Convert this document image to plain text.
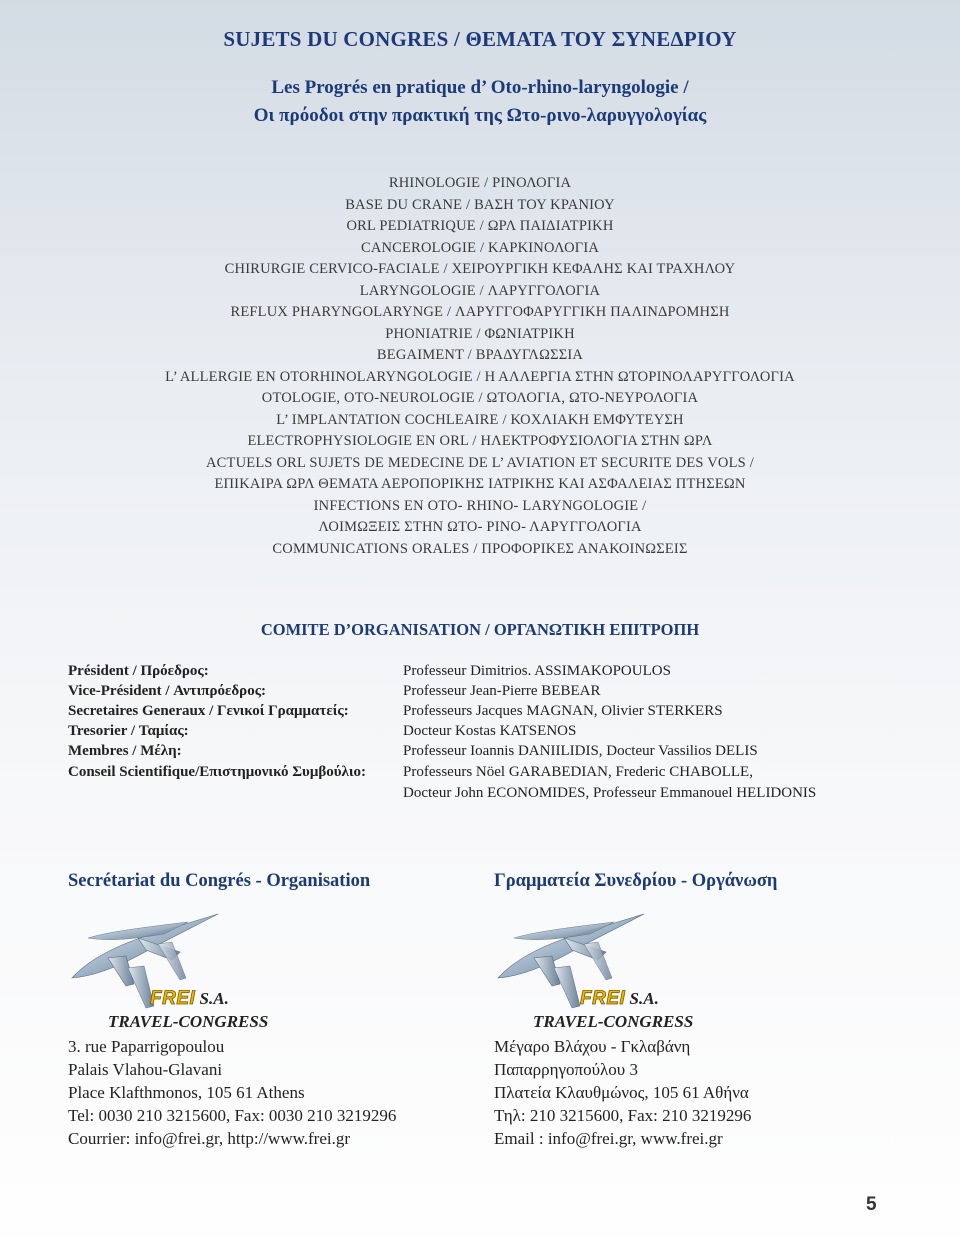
SUJETS DU CONGRES / ΘΕΜΑΤΑ ΤΟΥ ΣΥΝΕΔΡΙΟΥ
Les Progrés en pratique d’ Oto-rhino-laryngologie /
Οι πρόοδοι στην πρακτική της Ωτο-ρινο-λαρυγγολογίας
RHINOLOGIE / ΡΙΝΟΛΟΓΙΑ
BASE DU CRANE / ΒΑΣΗ ΤΟΥ ΚΡΑΝΙΟΥ
ORL PEDIATRIQUE / ΩΡΛ ΠΑΙΔΙΑΤΡΙΚΗ
CANCEROLOGIE / ΚΑΡΚΙΝΟΛΟΓΙΑ
CHIRURGIE CERVICO-FACIALE / ΧΕΙΡΟΥΡΓΙΚΗ ΚΕΦΑΛΗΣ ΚΑΙ ΤΡΑΧΗΛΟΥ
LARYNGOLOGIE / ΛΑΡΥΓΓΟΛΟΓΙΑ
REFLUX PHARYNGOLARYNGE / ΛΑΡΥΓΓΟΦΑΡΥΓΓΙΚΗ ΠΑΛΙΝΔΡΟΜΗΣΗ
PHONIATRIE / ΦΩΝΙΑΤΡΙΚΗ
BEGAIMENT / ΒΡΑΔΥΓΛΩΣΣΙΑ
L’ ALLERGIE EN OTORHINOLARYNGOLOGIE / Η ΑΛΛΕΡΓΙΑ ΣΤΗΝ ΩΤΟΡΙΝΟΛΑΡΥΓΓΟΛΟΓΙΑ
OTOLOGIE, OTO-NEUROLOGIE / ΩΤΟΛΟΓΙΑ, ΩΤΟ-ΝΕΥΡΟΛΟΓΙΑ
L’ IMPLANTATION COCHLEAIRE / ΚΟΧΛΙΑΚΗ ΕΜΦΥΤΕΥΣΗ
ELECTROPHYSIOLOGIE EN ORL / ΗΛΕΚΤΡΟΦΥΣΙΟΛΟΓΙΑ ΣΤΗΝ ΩΡΛ
ACTUELS ORL SUJETS DE MEDECINE DE L’ AVIATION ET SECURITE DES VOLS /
ΕΠΙΚΑΙΡΑ ΩΡΛ ΘΕΜΑΤΑ ΑΕΡΟΠΟΡΙΚΗΣ ΙΑΤΡΙΚΗΣ ΚΑΙ ΑΣΦΑΛΕΙΑΣ ΠΤΗΣΕΩΝ
INFECTIONS EN OTO- RHINO- LARYNGOLOGIE /
ΛΟΙΜΩΞΕΙΣ ΣΤΗΝ ΩΤΟ- ΡΙΝΟ- ΛΑΡΥΓΓΟΛΟΓΙΑ
COMMUNICATIONS ORALES / ΠΡΟΦΟΡΙΚΕΣ ΑΝΑΚΟΙΝΩΣΕΙΣ
COMITE D’ORGANISATION / ΟΡΓΑΝΩΤΙΚΗ ΕΠΙΤΡΟΠΗ
Président / Πρόεδρος:	Professeur Dimitrios. ASSIMAKOPOULOS
Vice-Président / Αντιπρόεδρος:	Professeur Jean-Pierre BEBEAR
Secretaires Generaux / Γενικοί Γραμματείς:	Professeurs Jacques MAGNAN, Olivier STERKERS
Tresorier / Ταμίας:	Docteur Kostas KATSENOS
Membres / Μέλη:	Professeur Ioannis DANIILIDIS, Docteur Vassilios DELIS
Conseil Scientifique/Επιστημονικό Συμβούλιο: Professeurs Nöel GARABEDIAN, Frederic CHABOLLE,
Docteur John ECONOMIDES, Professeur Emmanouel HELIDONIS
Secrétariat du Congrés - Organisation
FREI S.A.
TRAVEL-CONGRESS
3. rue Paparrigopoulou
Palais Vlahou-Glavani
Place Klafthmonos, 105 61 Athens
Tel: 0030 210 3215600, Fax: 0030 210 3219296
Courrier: info@frei.gr, http://www.frei.gr
Γραμματεία Συνεδρίου - Οργάνωση
FREI S.A.
TRAVEL-CONGRESS
Μέγαρο Βλάχου - Γκλαβάνη
Παπαρρηγοπούλου 3
Πλατεία Κλαυθμώνος, 105 61 Αθήνα
Τηλ: 210 3215600, Fax: 210 3219296
Email : info@frei.gr, www.frei.gr
5
